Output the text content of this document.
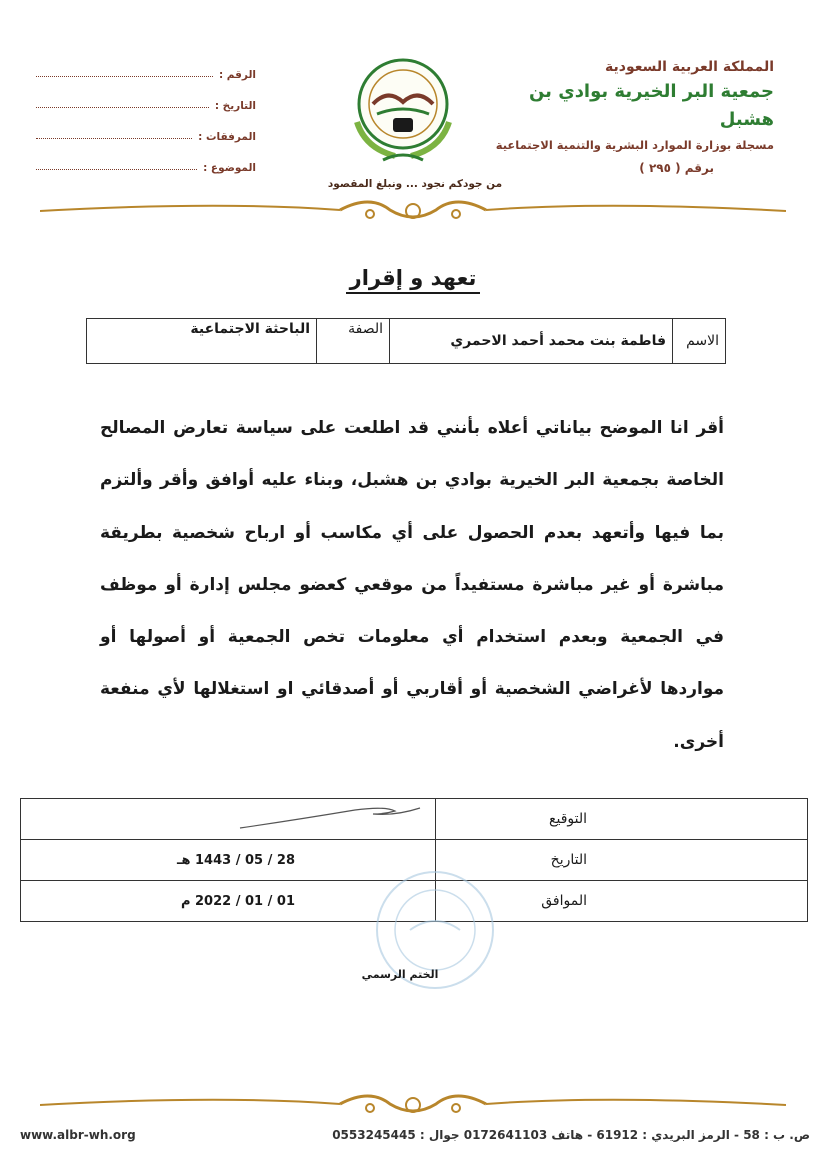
المملكة العربية السعودية
جمعية البر الخيرية بوادي بن هشبل
مسجلة بوزارة الموارد البشرية والتنمية الاجتماعية
برقم ( ٢٩٥ )
الرقم :
التاريخ :
المرفقات :
الموضوع :
من جودكم نجود ... ونبلغ المقصود
تعهد و إقرار
الاسم	فاطمة بنت محمد أحمد الاحمري	الصفة	الباحثة الاجتماعية
أقر انا الموضح بياناتي أعلاه بأنني قد اطلعت على سياسة تعارض المصالح الخاصة بجمعية البر الخيرية بوادي بن هشبل، وبناء عليه أوافق وأقر وألتزم بما فيها وأتعهد بعدم الحصول على أي مكاسب أو ارباح شخصية بطريقة مباشرة أو غير مباشرة مستفيداً من موقعي كعضو مجلس إدارة أو موظف في الجمعية وبعدم استخدام أي معلومات تخص الجمعية أو أصولها أو مواردها لأغراضي الشخصية أو أقاربي أو أصدقائي او استغلالها لأي منفعة أخرى.
التوقيع	
التاريخ	28 / 05 / 1443 هـ
الموافق	01 / 01 / 2022 م
الختم الرسمي
www.albr-wh.org	ص. ب : 58 - الرمز البريدي : 61912 - هاتف 0172641103 جوال : 0553245445
